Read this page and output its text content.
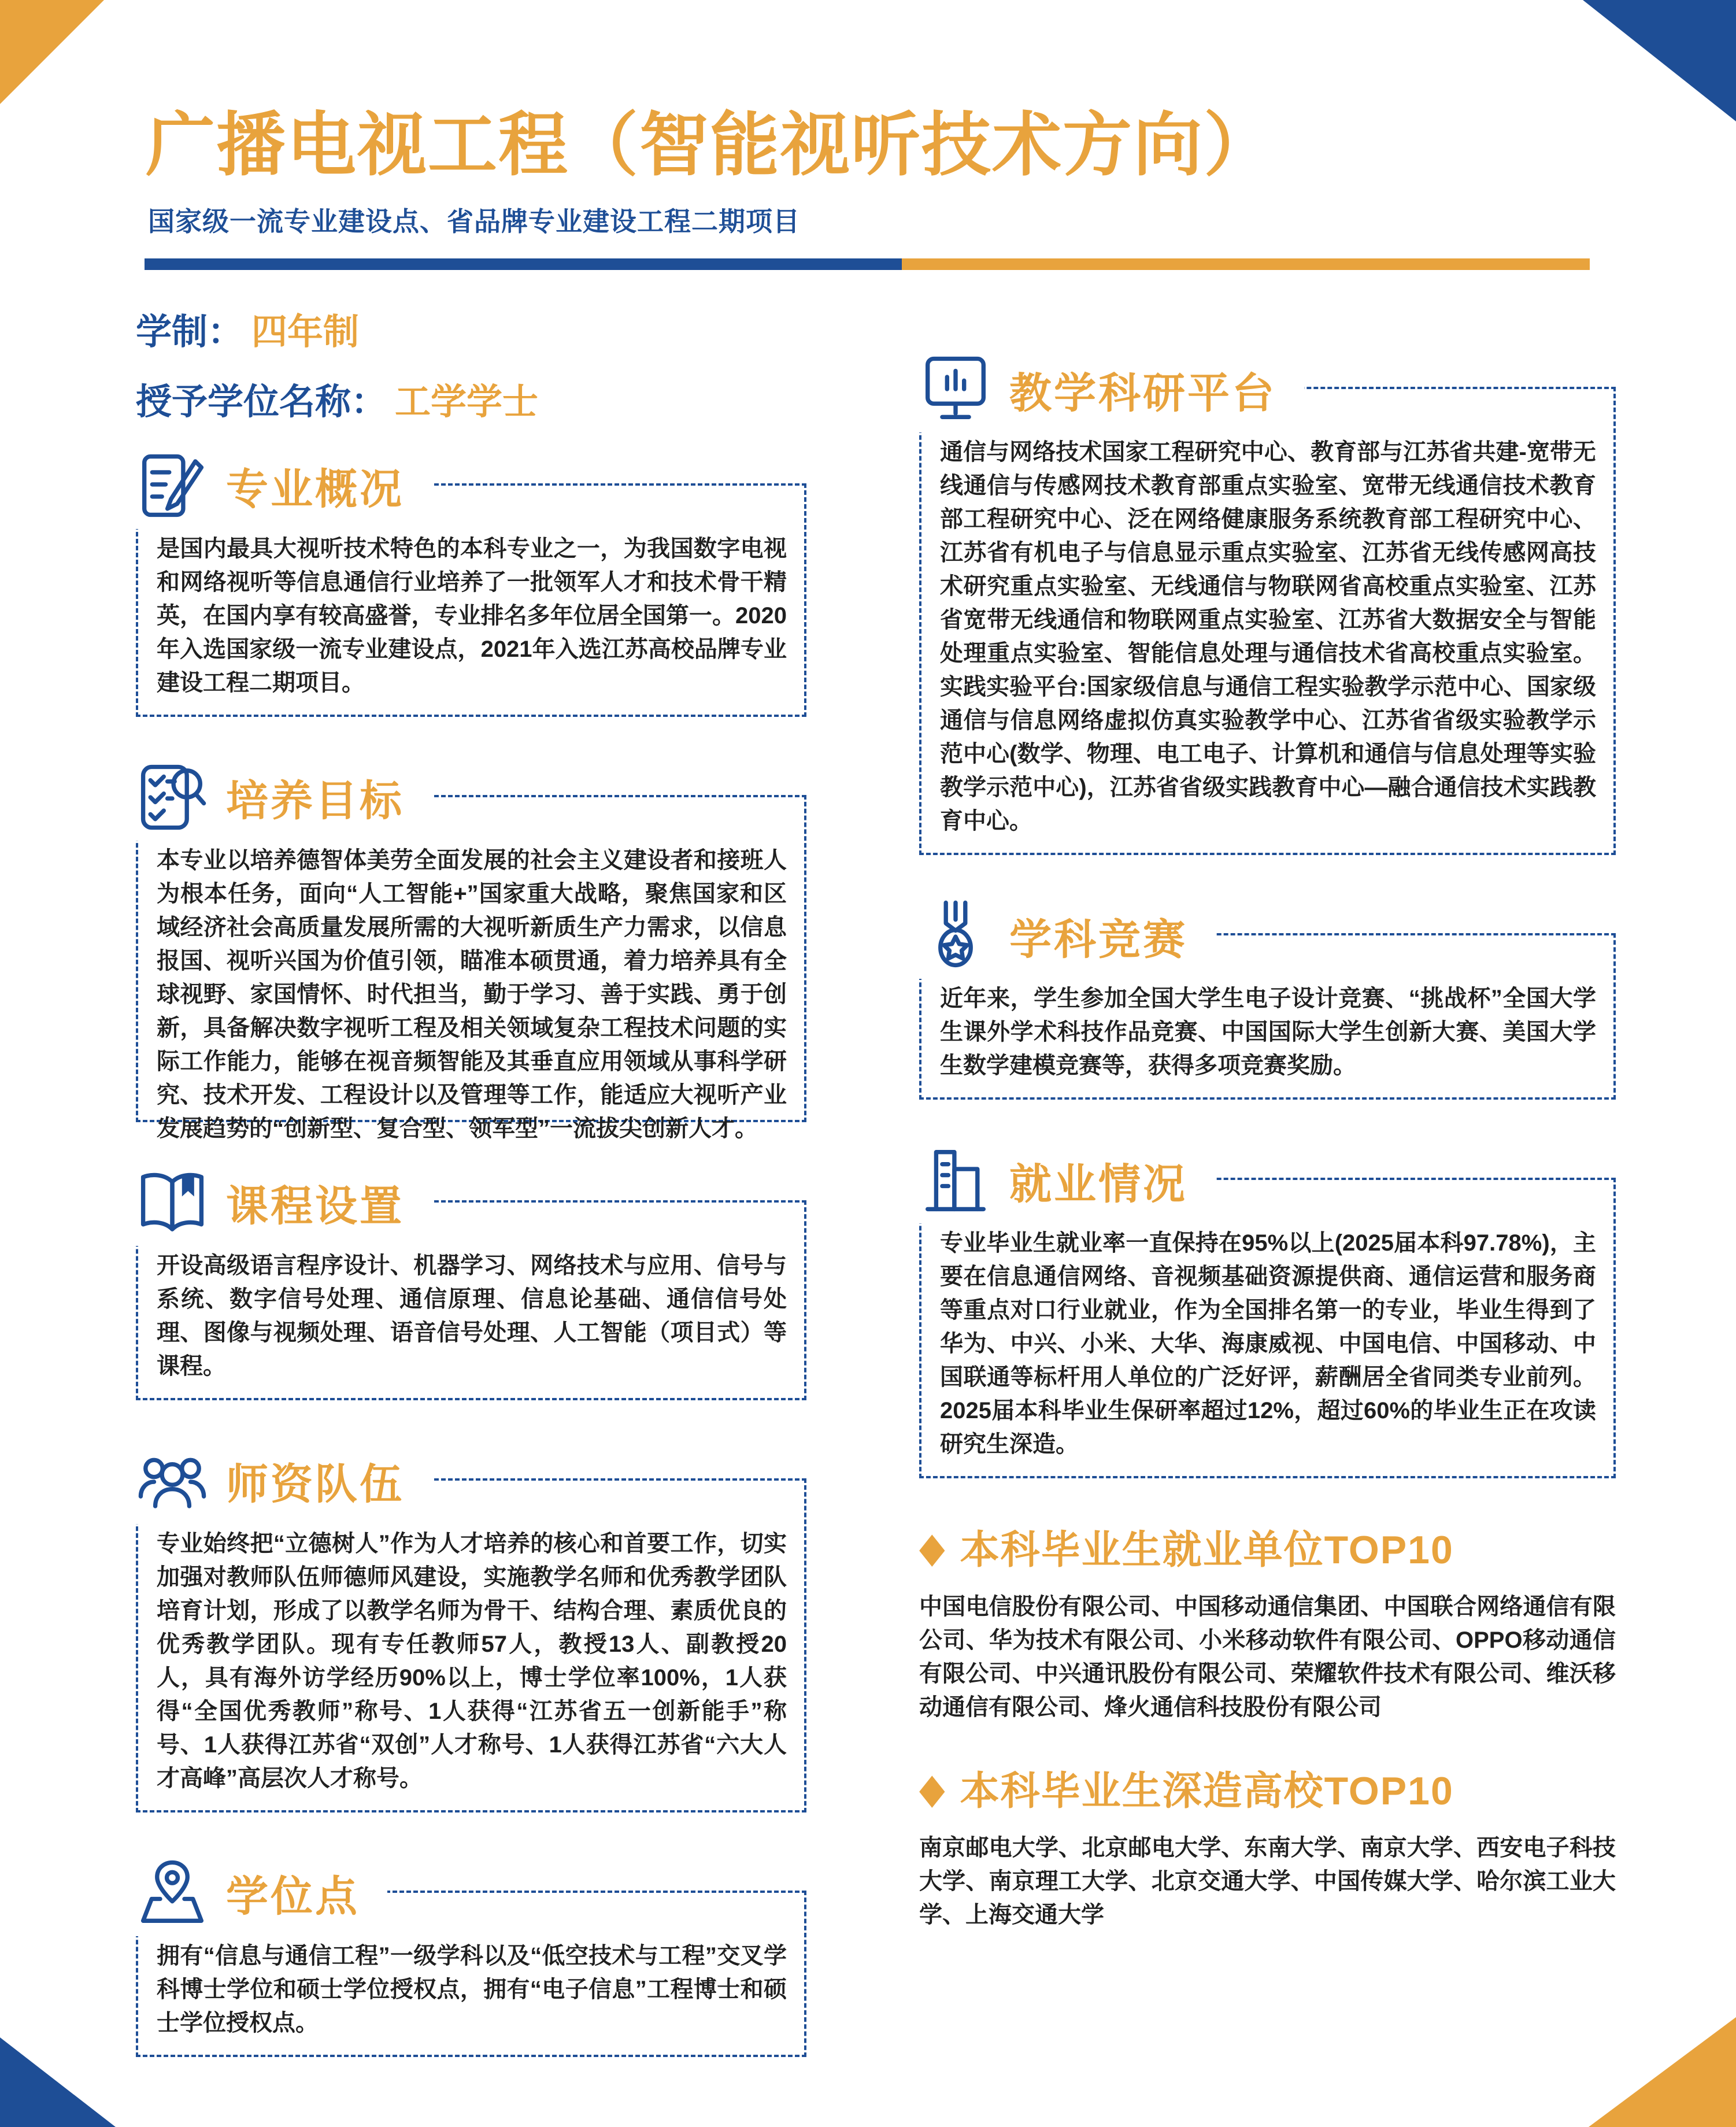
广播电视工程（智能视听技术方向）
国家级一流专业建设点、省品牌专业建设工程二期项目
学制： 四年制
授予学位名称： 工学学士
专业概况

是国内最具大视听技术特色的本科专业之一，为我国数字电视和网络视听等信息通信行业培养了一批领军人才和技术骨干精英，在国内享有较高盛誉，专业排名多年位居全国第一。2020年入选国家级一流专业建设点，2021年入选江苏高校品牌专业建设工程二期项目。

培养目标

本专业以培养德智体美劳全面发展的社会主义建设者和接班人为根本任务，面向“人工智能+”国家重大战略，聚焦国家和区域经济社会高质量发展所需的大视听新质生产力需求，以信息报国、视听兴国为价值引领，瞄准本硕贯通，着力培养具有全球视野、家国情怀、时代担当，勤于学习、善于实践、勇于创新，具备解决数字视听工程及相关领域复杂工程技术问题的实际工作能力，能够在视音频智能及其垂直应用领域从事科学研究、技术开发、工程设计以及管理等工作，能适应大视听产业发展趋势的“创新型、复合型、领军型”一流拔尖创新人才。

课程设置

开设高级语言程序设计、机器学习、网络技术与应用、信号与系统、数字信号处理、通信原理、信息论基础、通信信号处理、图像与视频处理、语音信号处理、人工智能（项目式）等课程。

师资队伍

专业始终把“立德树人”作为人才培养的核心和首要工作，切实加强对教师队伍师德师风建设，实施教学名师和优秀教学团队培育计划，形成了以教学名师为骨干、结构合理、素质优良的优秀教学团队。现有专任教师57人，教授13人、副教授20人，具有海外访学经历90%以上，博士学位率100%，1人获得“全国优秀教师”称号、1人获得“江苏省五一创新能手”称号、1人获得江苏省“双创”人才称号、1人获得江苏省“六大人才高峰”高层次人才称号。

学位点

拥有“信息与通信工程”一级学科以及“低空技术与工程”交叉学科博士学位和硕士学位授权点，拥有“电子信息”工程博士和硕士学位授权点。

教学科研平台

通信与网络技术国家工程研究中心、教育部与江苏省共建-宽带无线通信与传感网技术教育部重点实验室、宽带无线通信技术教育部工程研究中心、泛在网络健康服务系统教育部工程研究中心、江苏省有机电子与信息显示重点实验室、江苏省无线传感网高技术研究重点实验室、无线通信与物联网省高校重点实验室、江苏省宽带无线通信和物联网重点实验室、江苏省大数据安全与智能处理重点实验室、智能信息处理与通信技术省高校重点实验室。实践实验平台:国家级信息与通信工程实验教学示范中心、国家级通信与信息网络虚拟仿真实验教学中心、江苏省省级实验教学示范中心(数学、物理、电工电子、计算机和通信与信息处理等实验教学示范中心)，江苏省省级实践教育中心—融合通信技术实践教育中心。

学科竞赛

近年来，学生参加全国大学生电子设计竞赛、“挑战杯”全国大学生课外学术科技作品竞赛、中国国际大学生创新大赛、美国大学生数学建模竞赛等，获得多项竞赛奖励。

就业情况

专业毕业生就业率一直保持在95%以上(2025届本科97.78%)，主要在信息通信网络、音视频基础资源提供商、通信运营和服务商等重点对口行业就业，作为全国排名第一的专业，毕业生得到了华为、中兴、小米、大华、海康威视、中国电信、中国移动、中国联通等标杆用人单位的广泛好评，薪酬居全省同类专业前列。2025届本科毕业生保研率超过12%，超过60%的毕业生正在攻读研究生深造。

◆ 本科毕业生就业单位TOP10

中国电信股份有限公司、中国移动通信集团、中国联合网络通信有限公司、华为技术有限公司、小米移动软件有限公司、OPPO移动通信有限公司、中兴通讯股份有限公司、荣耀软件技术有限公司、维沃移动通信有限公司、烽火通信科技股份有限公司

◆ 本科毕业生深造高校TOP10

南京邮电大学、北京邮电大学、东南大学、南京大学、西安电子科技大学、南京理工大学、北京交通大学、中国传媒大学、哈尔滨工业大学、上海交通大学
